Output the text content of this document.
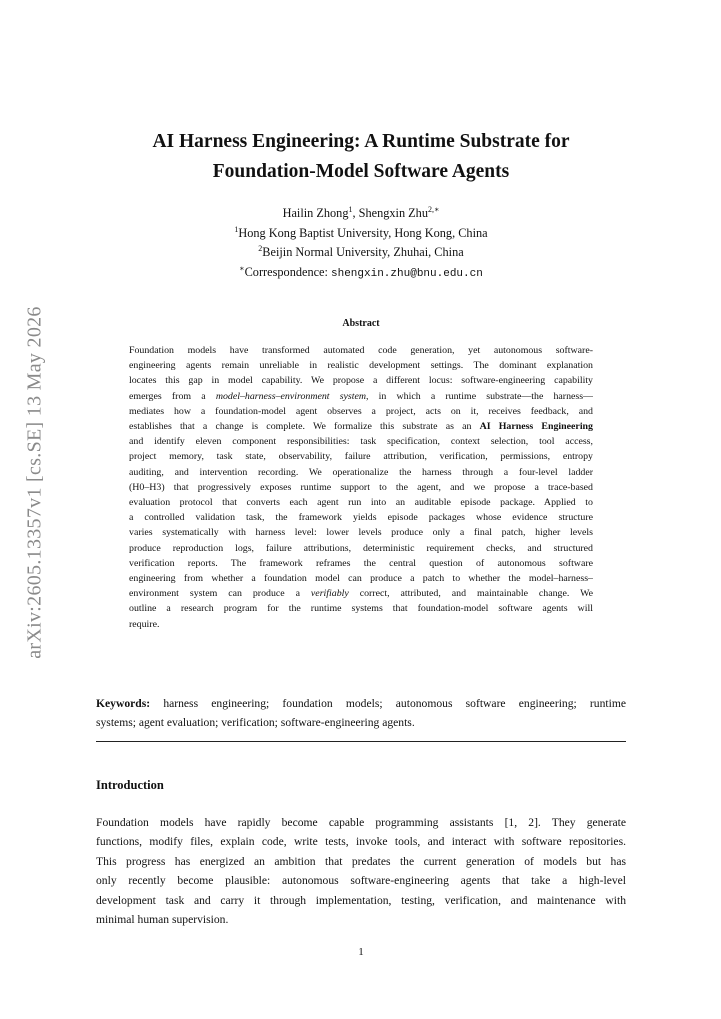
arXiv:2605.13357v1 [cs.SE] 13 May 2026
AI Harness Engineering: A Runtime Substrate for
Foundation-Model Software Agents
Hailin Zhong$^1$, Shengxin Zhu$^{2,∗}$
$^1$Hong Kong Baptist University, Hong Kong, China
$^2$Beijin Normal University, Zhuhai, China
∗Correspondence: shengxin.zhu@bnu.edu.cn
Abstract
Foundation models have transformed automated code generation, yet autonomous software-
engineering agents remain unreliable in realistic development settings. The dominant explanation
locates this gap in model capability. We propose a different locus: software-engineering capability
emerges from a model–harness–environment system, in which a runtime substrate—the harness—
mediates how a foundation-model agent observes a project, acts on it, receives feedback, and
establishes that a change is complete. We formalize this substrate as an AI Harness Engineering
and identify eleven component responsibilities: task specification, context selection, tool access,
project memory, task state, observability, failure attribution, verification, permissions, entropy
auditing, and intervention recording. We operationalize the harness through a four-level ladder
(H0–H3) that progressively exposes runtime support to the agent, and we propose a trace-based
evaluation protocol that converts each agent run into an auditable episode package. Applied to
a controlled validation task, the framework yields episode packages whose evidence structure
varies systematically with harness level: lower levels produce only a final patch, higher levels
produce reproduction logs, failure attributions, deterministic requirement checks, and structured
verification reports. The framework reframes the central question of autonomous software
engineering from whether a foundation model can produce a patch to whether the model–harness–
environment system can produce a verifiably correct, attributed, and maintainable change. We
outline a research program for the runtime systems that foundation-model software agents will
require.
Keywords: harness engineering; foundation models; autonomous software engineering; runtime
systems; agent evaluation; verification; software-engineering agents.
Introduction
Foundation models have rapidly become capable programming assistants [1, 2]. They generate
functions, modify files, explain code, write tests, invoke tools, and interact with software repositories.
This progress has energized an ambition that predates the current generation of models but has
only recently become plausible: autonomous software-engineering agents that take a high-level
development task and carry it through implementation, testing, verification, and maintenance with
minimal human supervision.
1
